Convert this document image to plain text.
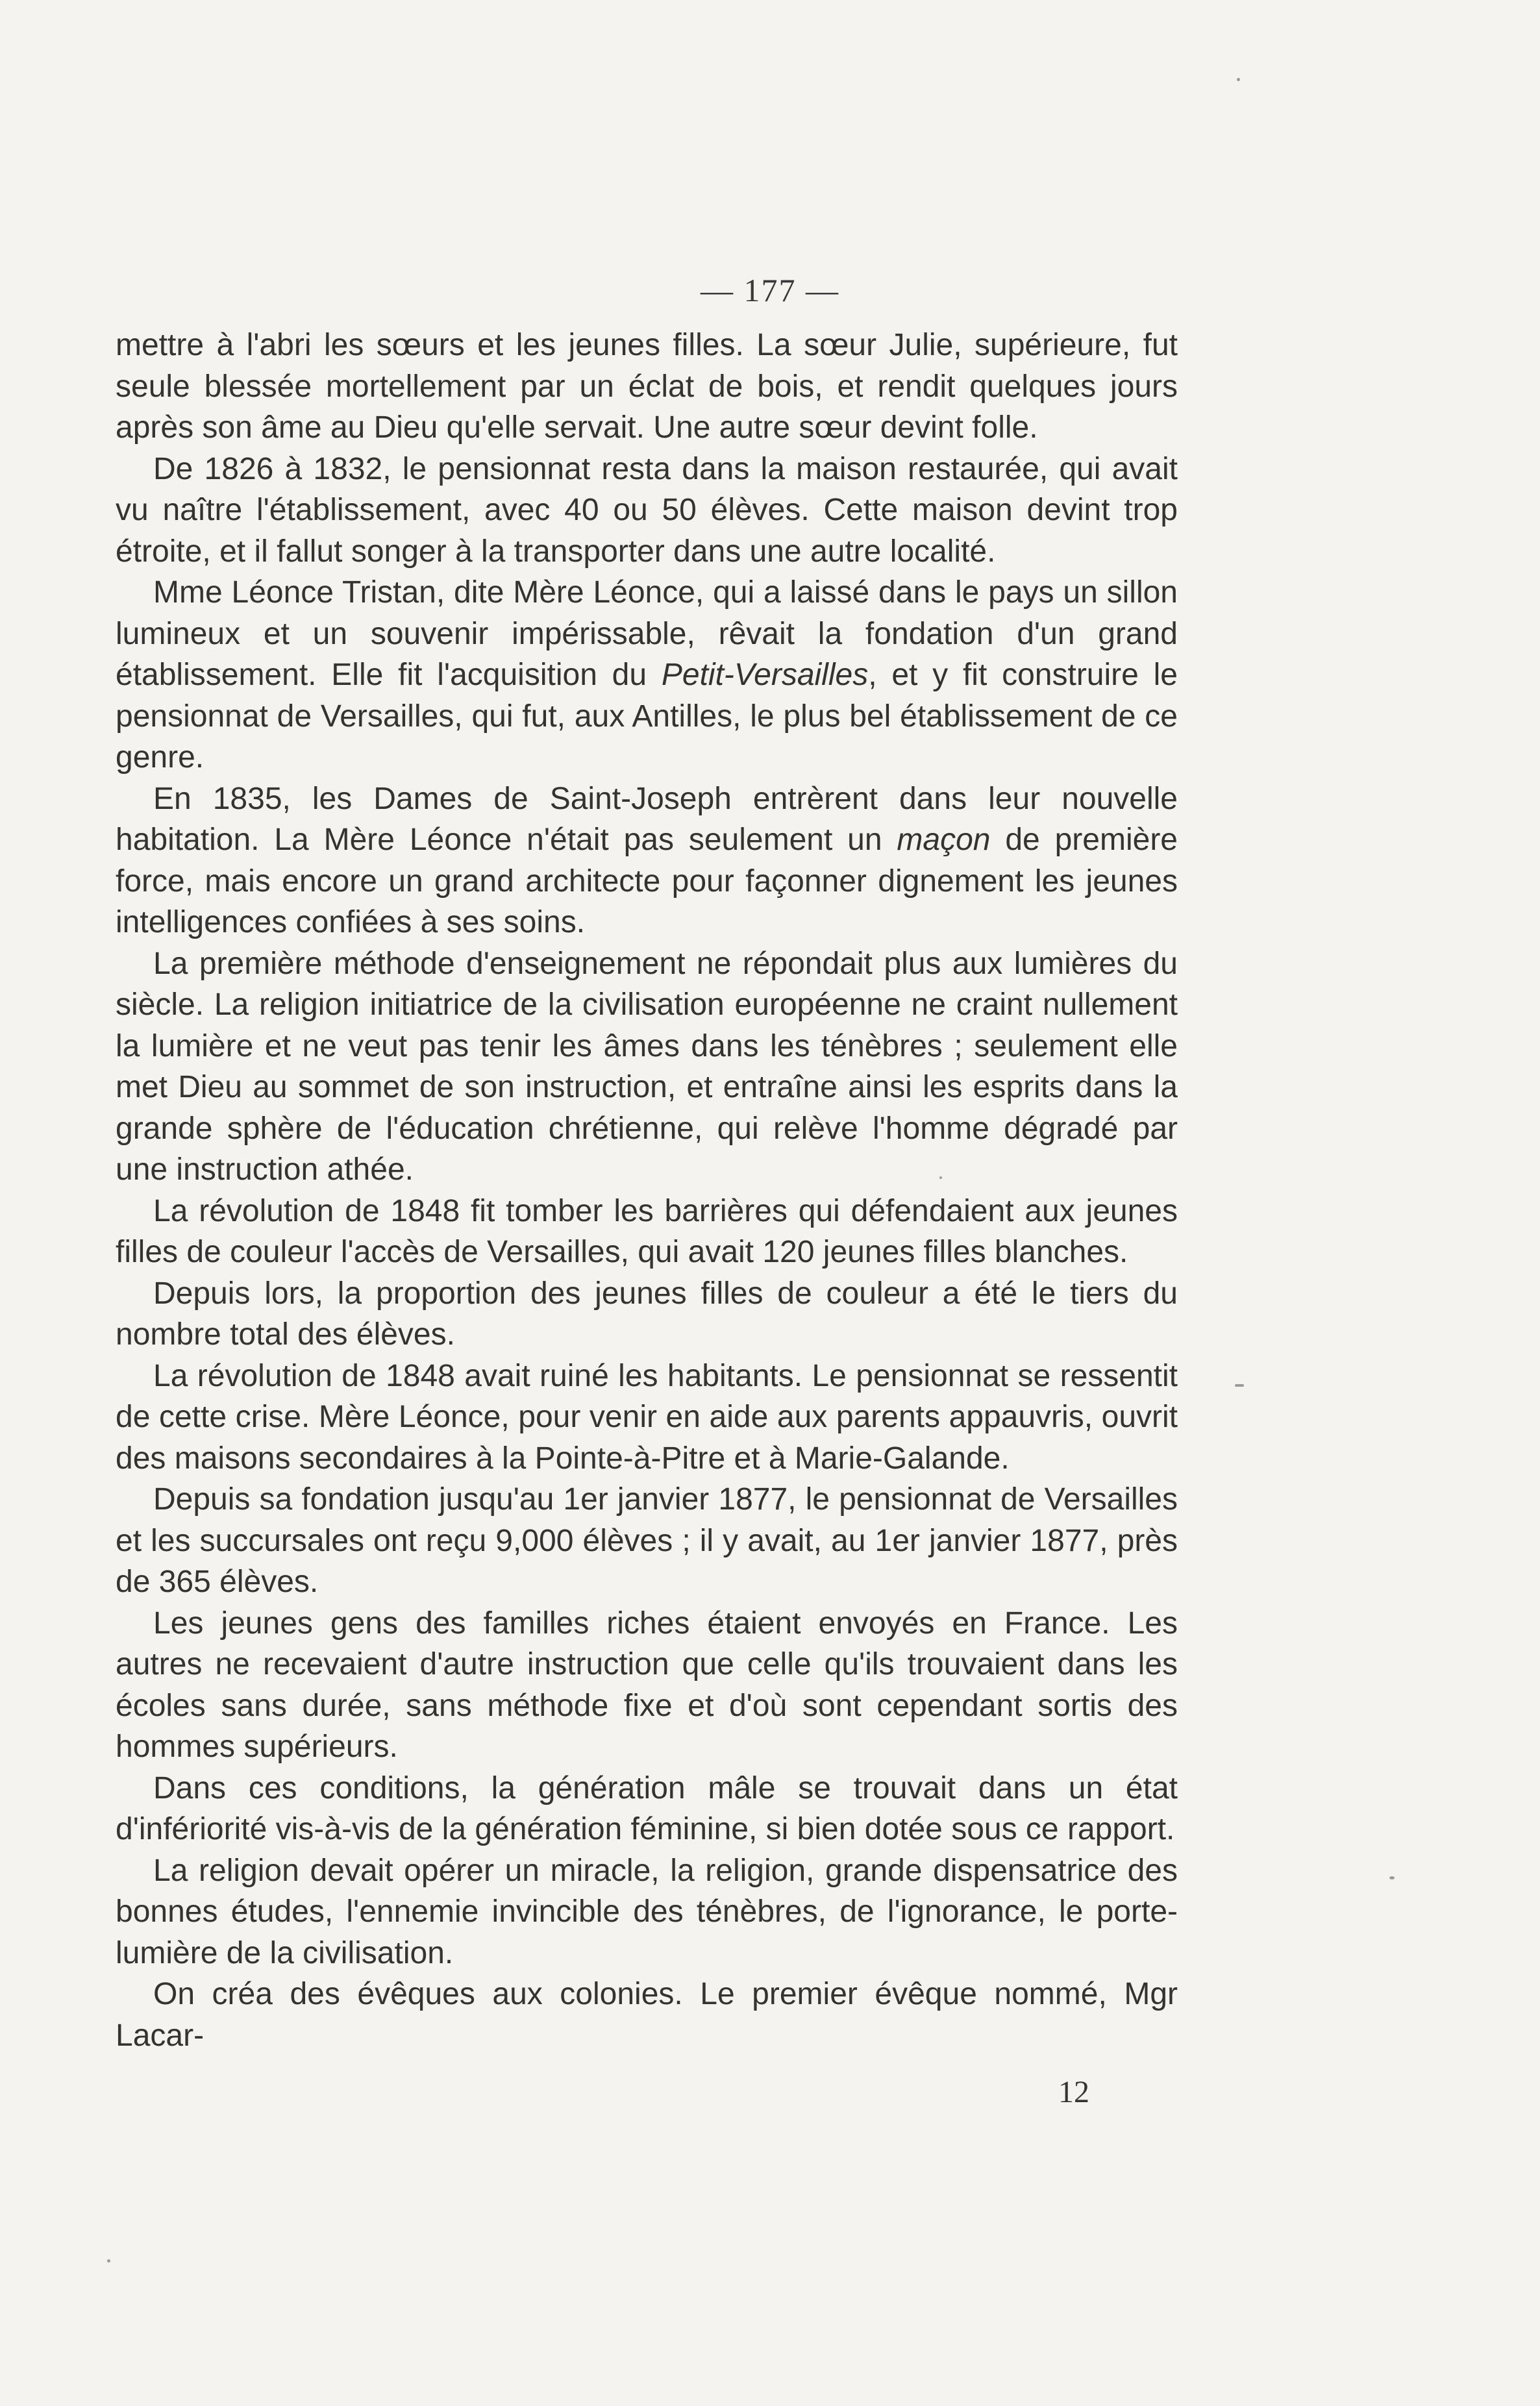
— 177 —

mettre à l'abri les sœurs et les jeunes filles. La sœur Julie, supérieure, fut seule blessée mortellement par un éclat de bois, et rendit quelques jours après son âme au Dieu qu'elle servait. Une autre sœur devint folle.

De 1826 à 1832, le pensionnat resta dans la maison restaurée, qui avait vu naître l'établissement, avec 40 ou 50 élèves. Cette maison devint trop étroite, et il fallut songer à la transporter dans une autre localité.

Mme Léonce Tristan, dite Mère Léonce, qui a laissé dans le pays un sillon lumineux et un souvenir impérissable, rêvait la fondation d'un grand établissement. Elle fit l'acquisition du Petit-Versailles, et y fit construire le pensionnat de Versailles, qui fut, aux Antilles, le plus bel établissement de ce genre.

En 1835, les Dames de Saint-Joseph entrèrent dans leur nouvelle habitation. La Mère Léonce n'était pas seulement un maçon de première force, mais encore un grand architecte pour façonner dignement les jeunes intelligences confiées à ses soins.

La première méthode d'enseignement ne répondait plus aux lumières du siècle. La religion initiatrice de la civilisation européenne ne craint nullement la lumière et ne veut pas tenir les âmes dans les ténèbres ; seulement elle met Dieu au sommet de son instruction, et entraîne ainsi les esprits dans la grande sphère de l'éducation chrétienne, qui relève l'homme dégradé par une instruction athée.

La révolution de 1848 fit tomber les barrières qui défendaient aux jeunes filles de couleur l'accès de Versailles, qui avait 120 jeunes filles blanches.

Depuis lors, la proportion des jeunes filles de couleur a été le tiers du nombre total des élèves.

La révolution de 1848 avait ruiné les habitants. Le pensionnat se ressentit de cette crise. Mère Léonce, pour venir en aide aux parents appauvris, ouvrit des maisons secondaires à la Pointe-à-Pitre et à Marie-Galande.

Depuis sa fondation jusqu'au 1er janvier 1877, le pensionnat de Versailles et les succursales ont reçu 9,000 élèves ; il y avait, au 1er janvier 1877, près de 365 élèves.

Les jeunes gens des familles riches étaient envoyés en France. Les autres ne recevaient d'autre instruction que celle qu'ils trouvaient dans les écoles sans durée, sans méthode fixe et d'où sont cependant sortis des hommes supérieurs.

Dans ces conditions, la génération mâle se trouvait dans un état d'infériorité vis-à-vis de la génération féminine, si bien dotée sous ce rapport.

La religion devait opérer un miracle, la religion, grande dispensatrice des bonnes études, l'ennemie invincible des ténèbres, de l'ignorance, le porte-lumière de la civilisation.

On créa des évêques aux colonies. Le premier évêque nommé, Mgr Lacar-

12
